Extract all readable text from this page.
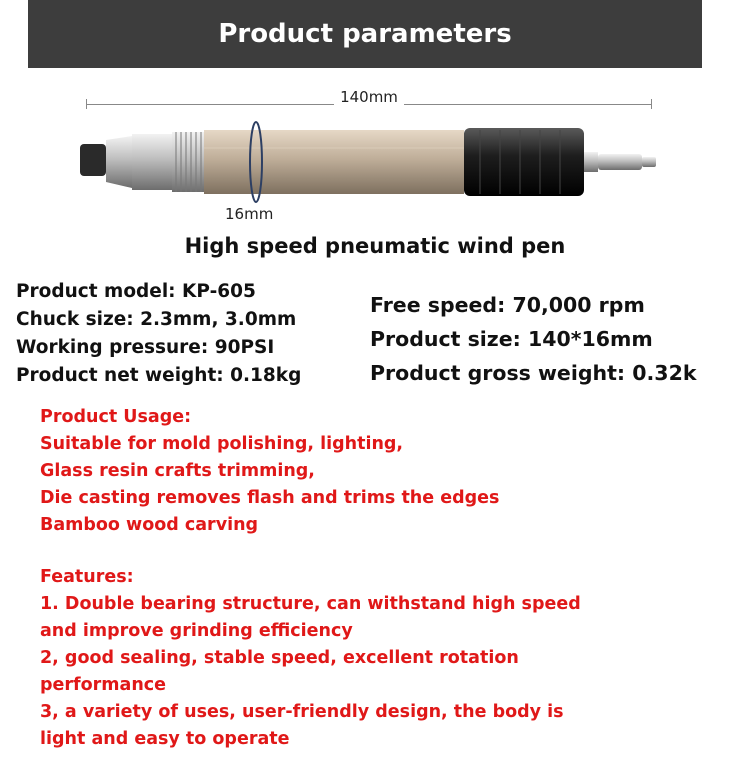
Product parameters
140mm
16mm
High speed pneumatic wind pen
Product model: KP-605
Chuck size: 2.3mm, 3.0mm
Working pressure: 90PSI
Product net weight: 0.18kg
Free speed: 70,000 rpm
Product size: 140*16mm
Product gross weight: 0.32k
Product Usage:
Suitable for mold polishing, lighting,
Glass resin crafts trimming,
Die casting removes flash and trims the edges
Bamboo wood carving
Features:
1. Double bearing structure, can withstand high speed
and improve grinding efficiency
2, good sealing, stable speed, excellent rotation
performance
3, a variety of uses, user-friendly design, the body is
light and easy to operate
